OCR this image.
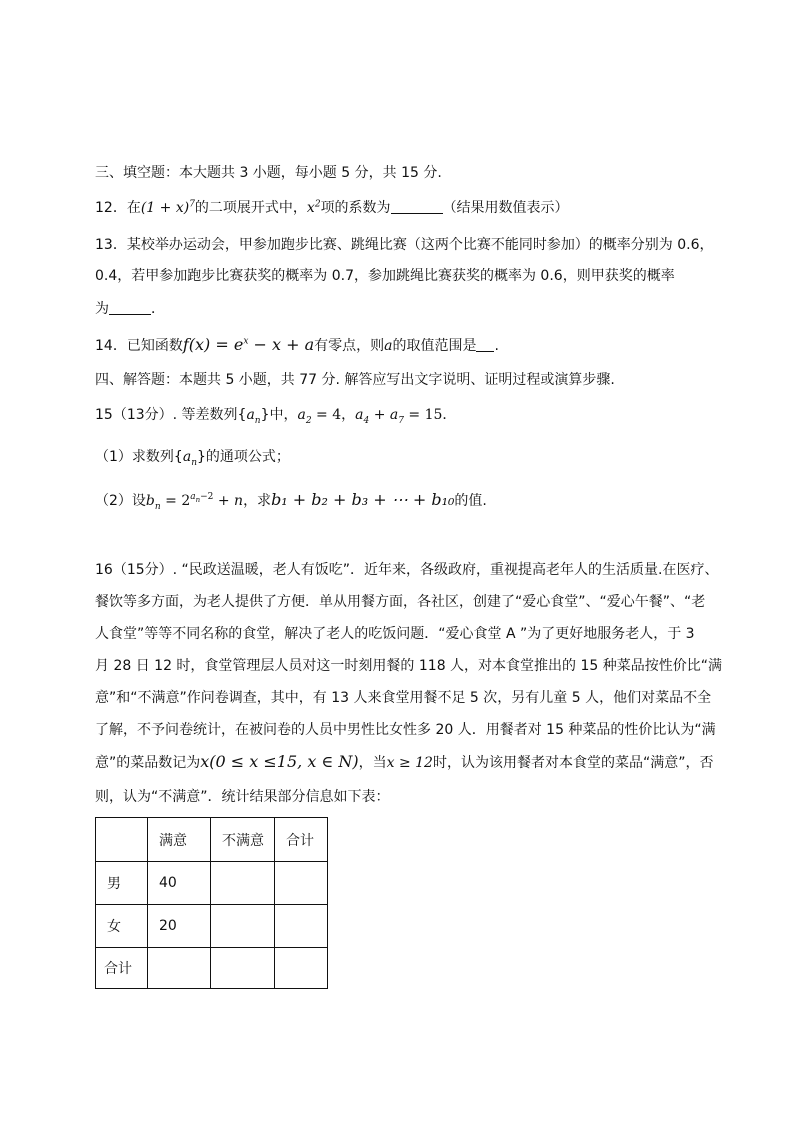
三、填空题：本大题共 3 小题，每小题 5 分，共 15 分.
12．在$(1 + x)^7$的二项展开式中，$x^2$项的系数为	（结果用数值表示）
13．某校举办运动会，甲参加跑步比赛、跳绳比赛（这两个比赛不能同时参加）的概率分别为 0.6，
0.4，若甲参加跑步比赛获奖的概率为 0.7，参加跳绳比赛获奖的概率为 0.6，则甲获奖的概率
为	．
14．已知函数$f(x) = e^x - x + a$有零点，则a的取值范围是 .
四、解答题：本题共 5 小题，共 77 分. 解答应写出文字说明、证明过程或演算步骤.
15（13分）. 等差数列$\{a_n\}$中，$a_2 = 4$，$a_4 + a_7 = 15$．
（1）求数列$\{a_n\}$的通项公式；
（2）设$b_n = 2^{a_n-2} + n$，求b₁ + b₂ + b₃ + ⋯ + b₁₀的值.
16（15分）. “民政送温暖，老人有饭吃”．近年来，各级政府，重视提高老年人的生活质量.在医疗、
餐饮等多方面，为老人提供了方便．单从用餐方面，各社区，创建了“爱心食堂”、“爱心午餐”、“老
人食堂”等等不同名称的食堂，解决了老人的吃饭问题．“爱心食堂 A ”为了更好地服务老人，于 3
月 28 日 12 时，食堂管理层人员对这一时刻用餐的 118 人，对本食堂推出的 15 种菜品按性价比“满
意”和“不满意”作问卷调查，其中，有 13 人来食堂用餐不足 5 次，另有儿童 5 人，他们对菜品不全
了解，不予问卷统计，在被问卷的人员中男性比女性多 20 人．用餐者对 15 种菜品的性价比认为“满
意”的菜品数记为x(0 ≤ x ≤15, x ∈ N)，当x ≥ 12时，认为该用餐者对本食堂的菜品“满意”，否
则，认为“不满意”．统计结果部分信息如下表：
	满意	不满意	合计
男	40		
女	20		
合计			
